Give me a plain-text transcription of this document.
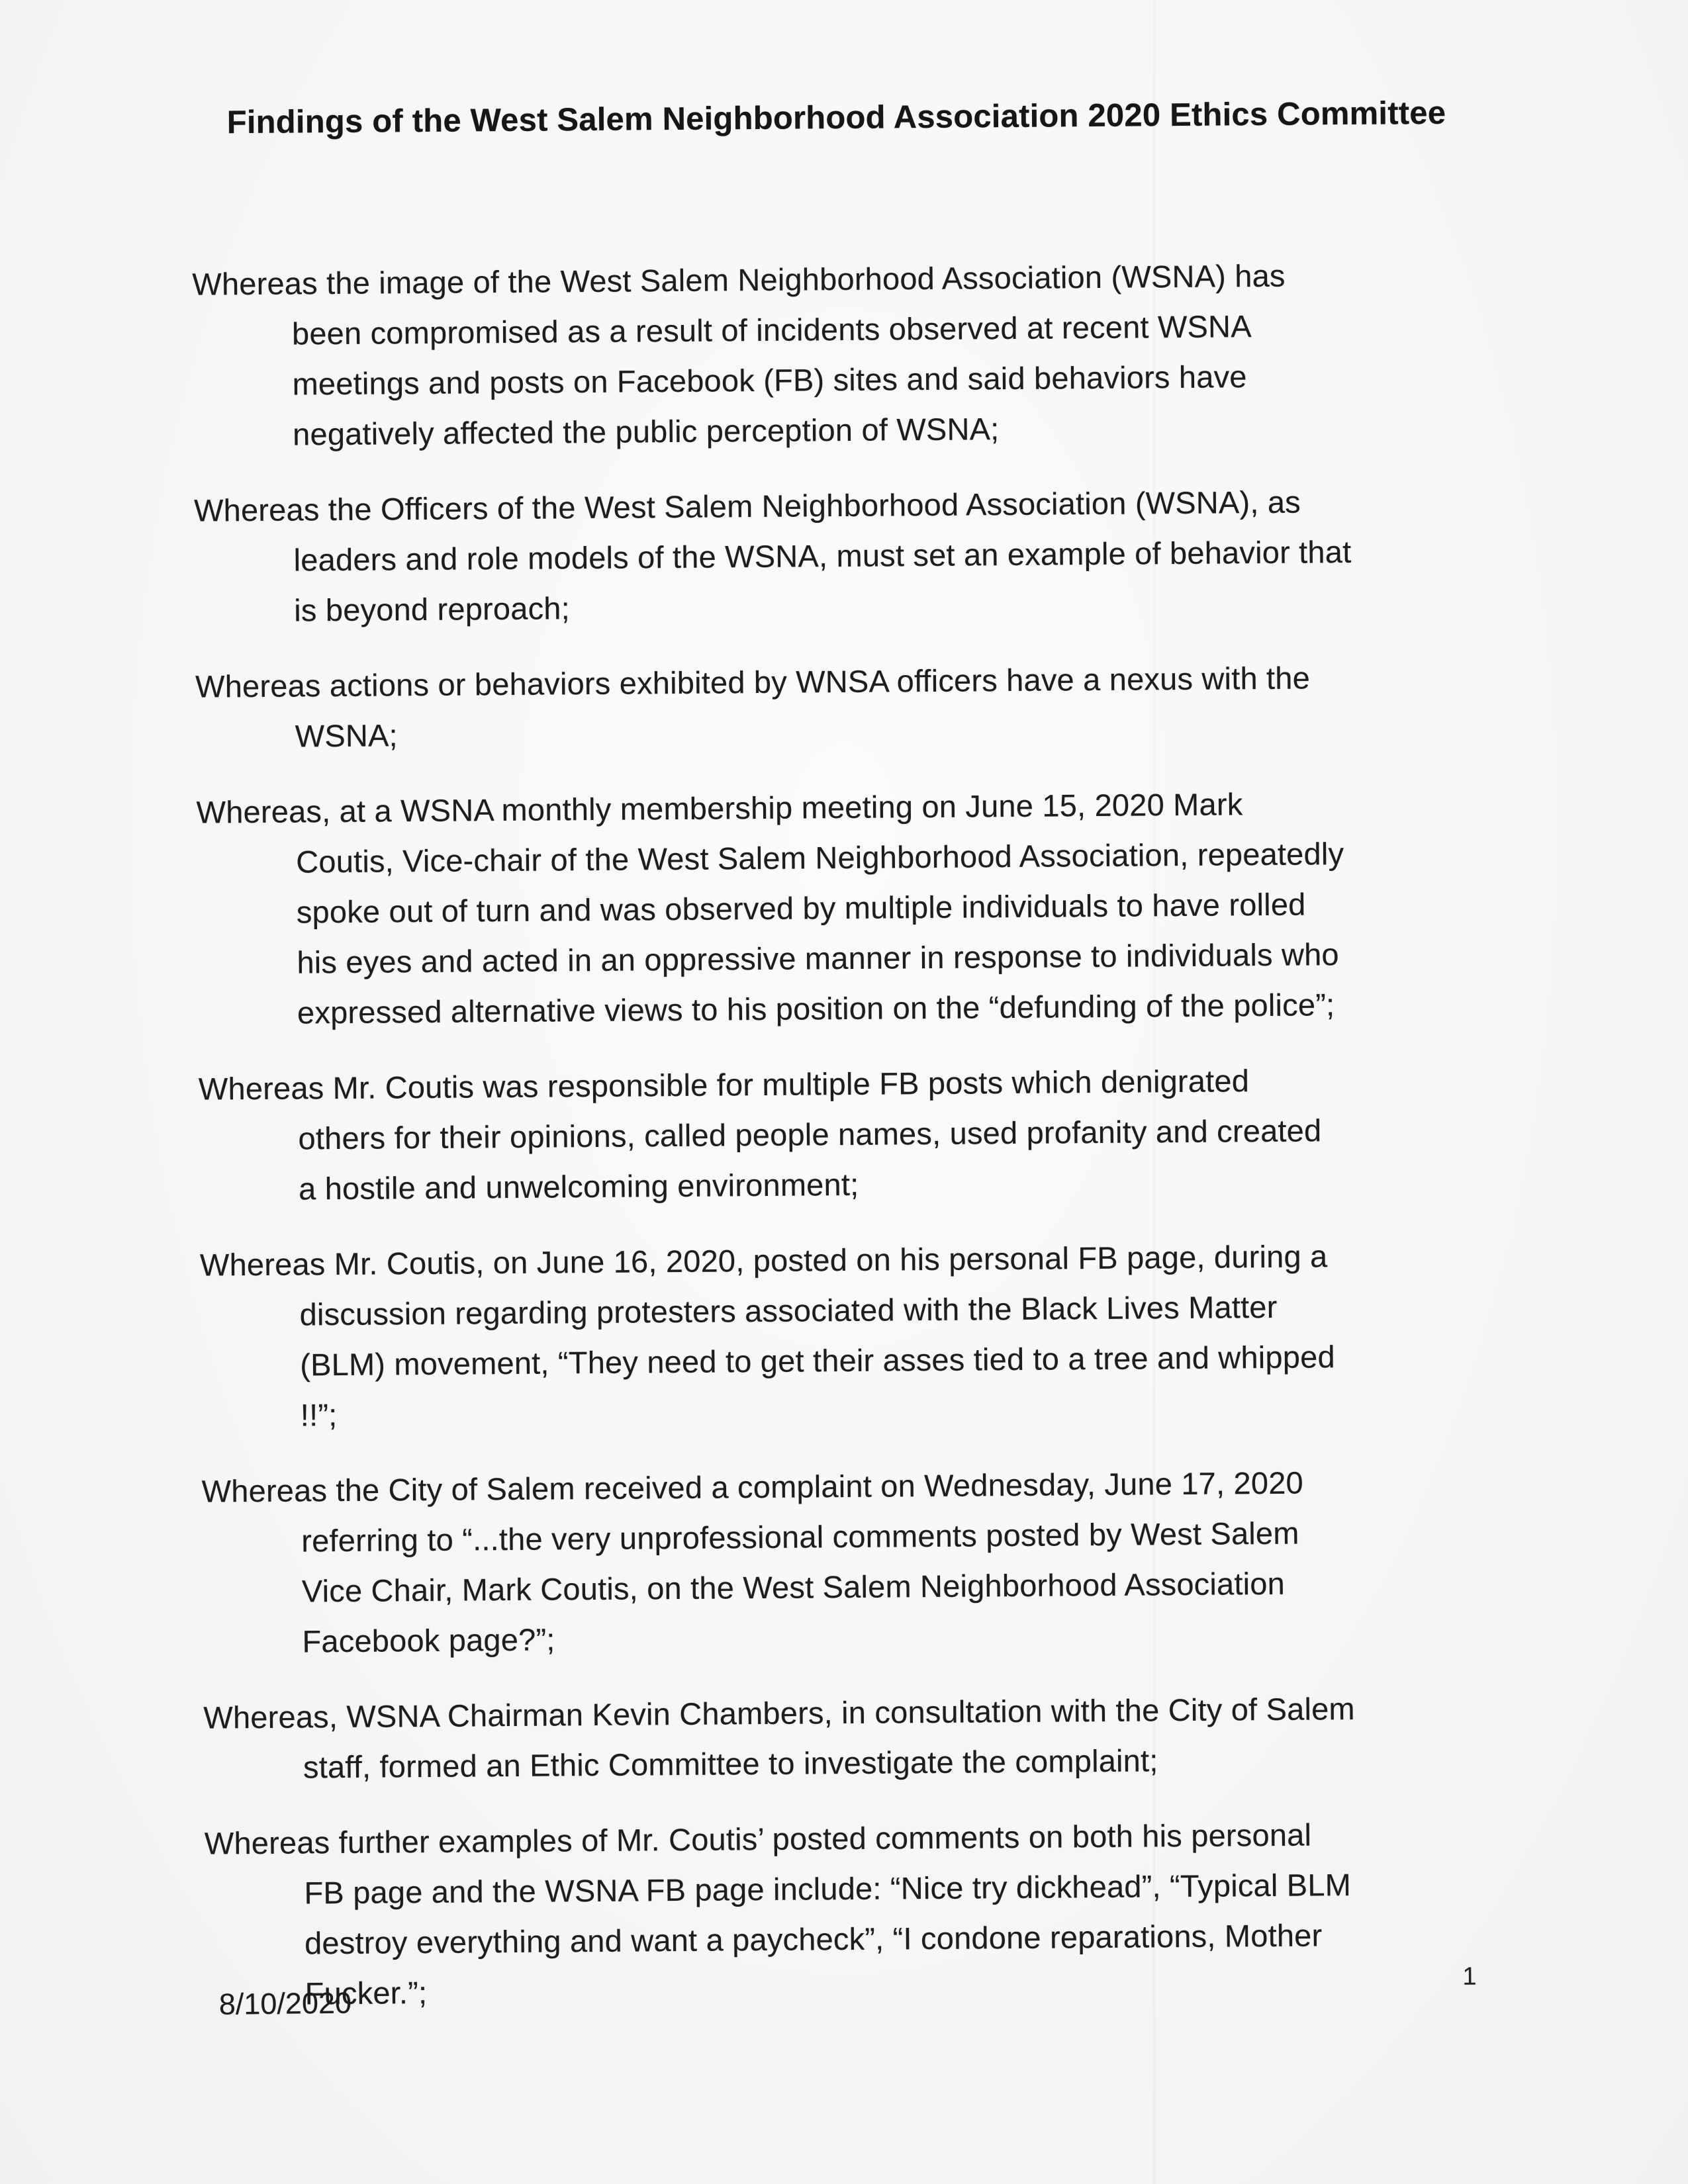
Findings of the West Salem Neighborhood Association 2020 Ethics Committee

Whereas the image of the West Salem Neighborhood Association (WSNA) has
been compromised as a result of incidents observed at recent WSNA
meetings and posts on Facebook (FB) sites and said behaviors have
negatively affected the public perception of WSNA;

Whereas the Officers of the West Salem Neighborhood Association (WSNA), as
leaders and role models of the WSNA, must set an example of behavior that
is beyond reproach;

Whereas actions or behaviors exhibited by WNSA officers have a nexus with the
WSNA;

Whereas, at a WSNA monthly membership meeting on June 15, 2020 Mark
Coutis, Vice-chair of the West Salem Neighborhood Association, repeatedly
spoke out of turn and was observed by multiple individuals to have rolled
his eyes and acted in an oppressive manner in response to individuals who
expressed alternative views to his position on the “defunding of the police”;

Whereas Mr. Coutis was responsible for multiple FB posts which denigrated
others for their opinions, called people names, used profanity and created
a hostile and unwelcoming environment;

Whereas Mr. Coutis, on June 16, 2020, posted on his personal FB page, during a
discussion regarding protesters associated with the Black Lives Matter
(BLM) movement, “They need to get their asses tied to a tree and whipped
!!”;

Whereas the City of Salem received a complaint on Wednesday, June 17, 2020
referring to “...the very unprofessional comments posted by West Salem
Vice Chair, Mark Coutis, on the West Salem Neighborhood Association
Facebook page?”;

Whereas, WSNA Chairman Kevin Chambers, in consultation with the City of Salem
staff, formed an Ethic Committee to investigate the complaint;

Whereas further examples of Mr. Coutis’ posted comments on both his personal
FB page and the WSNA FB page include: “Nice try dickhead”, “Typical BLM
destroy everything and want a paycheck”, “I condone reparations, Mother
Fucker.”;

8/10/2020
1
